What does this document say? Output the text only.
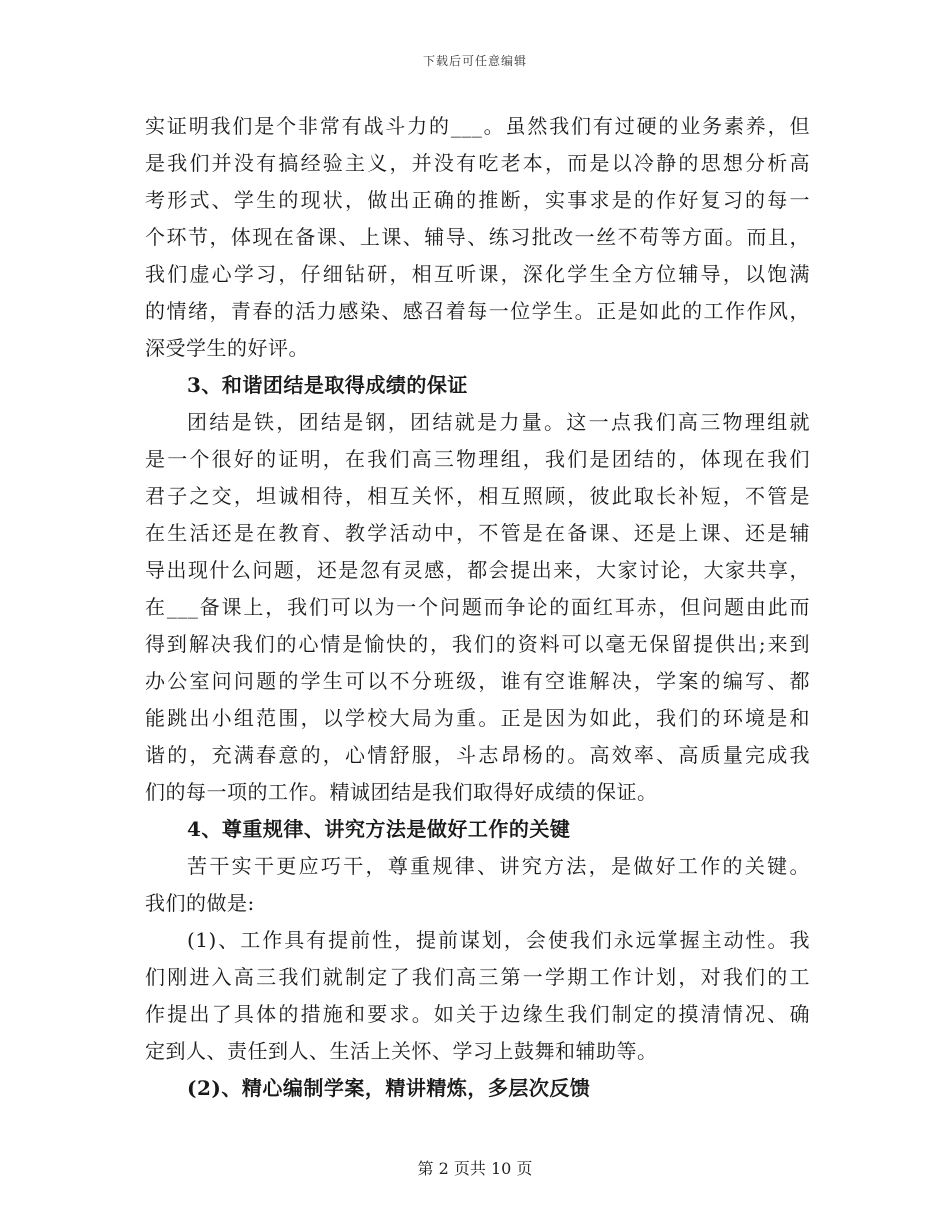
下载后可任意编辑
实证明我们是个非常有战斗力的___。虽然我们有过硬的业务素养，但
是我们并没有搞经验主义，并没有吃老本，而是以冷静的思想分析高
考形式、学生的现状，做出正确的推断，实事求是的作好复习的每一
个环节，体现在备课、上课、辅导、练习批改一丝不苟等方面。而且，
我们虚心学习，仔细钻研，相互听课，深化学生全方位辅导，以饱满
的情绪，青春的活力感染、感召着每一位学生。正是如此的工作作风，
深受学生的好评。
3、和谐团结是取得成绩的保证
团结是铁，团结是钢，团结就是力量。这一点我们高三物理组就
是一个很好的证明，在我们高三物理组，我们是团结的，体现在我们
君子之交，坦诚相待，相互关怀，相互照顾，彼此取长补短，不管是
在生活还是在教育、教学活动中，不管是在备课、还是上课、还是辅
导出现什么问题，还是忽有灵感，都会提出来，大家讨论，大家共享，
在___备课上，我们可以为一个问题而争论的面红耳赤，但问题由此而
得到解决我们的心情是愉快的，我们的资料可以毫无保留提供出;来到
办公室问问题的学生可以不分班级，谁有空谁解决，学案的编写、都
能跳出小组范围，以学校大局为重。正是因为如此，我们的环境是和
谐的，充满春意的，心情舒服，斗志昂杨的。高效率、高质量完成我
们的每一项的工作。精诚团结是我们取得好成绩的保证。
4、尊重规律、讲究方法是做好工作的关键
苦干实干更应巧干，尊重规律、讲究方法，是做好工作的关键。
我们的做是:
(1)、工作具有提前性，提前谋划，会使我们永远掌握主动性。我
们刚进入高三我们就制定了我们高三第一学期工作计划，对我们的工
作提出了具体的措施和要求。如关于边缘生我们制定的摸清情况、确
定到人、责任到人、生活上关怀、学习上鼓舞和辅助等。
(2)、精心编制学案，精讲精炼，多层次反馈
第 2 页共 10 页
